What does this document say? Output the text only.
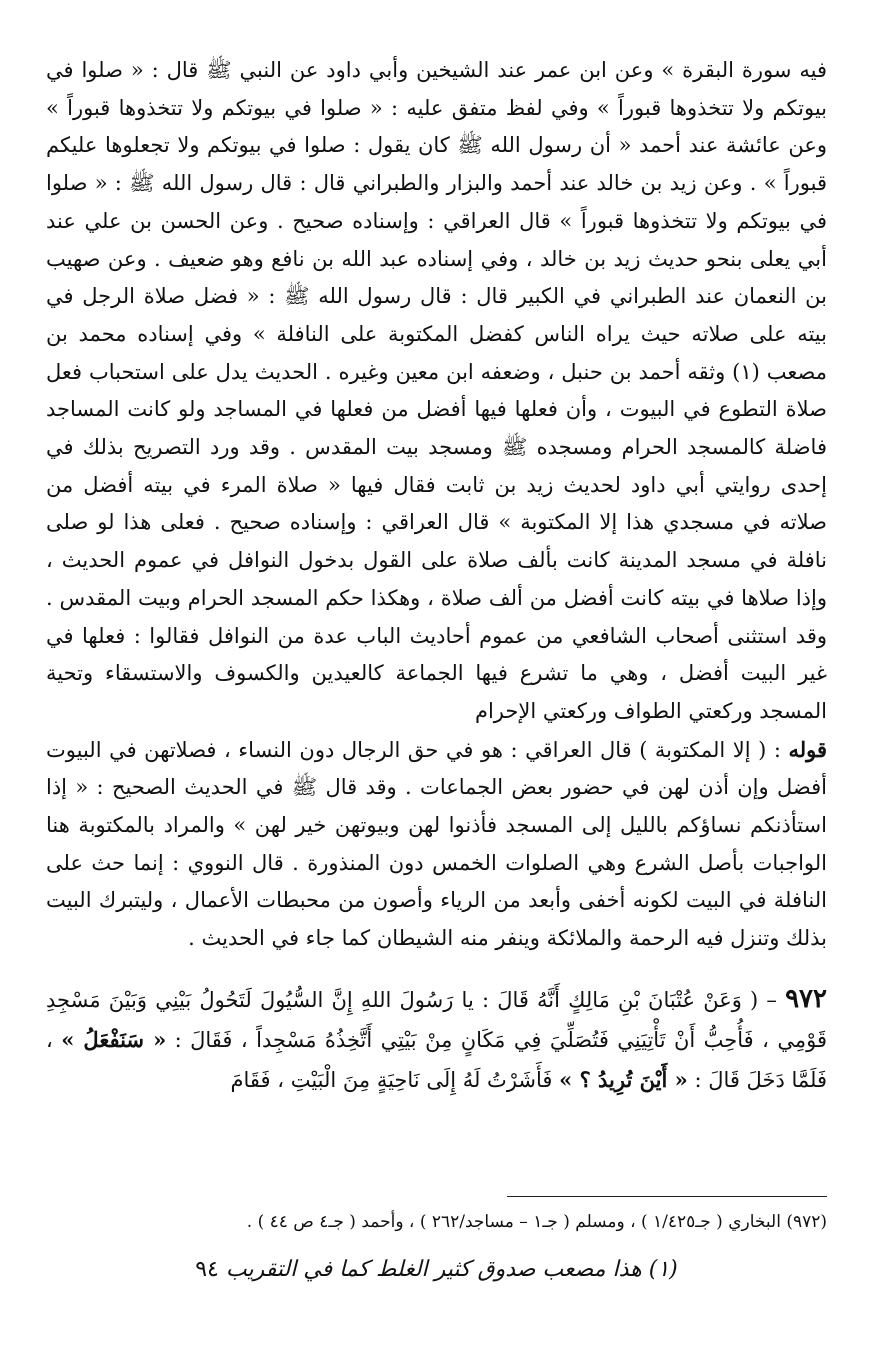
فيه سورة البقرة » وعن ابن عمر عند الشيخين وأبي داود عن النبي ﷺ قال : « صلوا في بيوتكم ولا تتخذوها قبوراً » وفي لفظ متفق عليه : « صلوا في بيوتكم ولا تتخذوها قبوراً » وعن عائشة عند أحمد « أن رسول الله ﷺ كان يقول : صلوا في بيوتكم ولا تجعلوها عليكم قبوراً » . وعن زيد بن خالد عند أحمد والبزار والطبراني قال : قال رسول الله ﷺ : « صلوا في بيوتكم ولا تتخذوها قبوراً » قال العراقي : وإسناده صحيح . وعن الحسن بن علي عند أبي يعلى بنحو حديث زيد بن خالد ، وفي إسناده عبد الله بن نافع وهو ضعيف . وعن صهيب بن النعمان عند الطبراني في الكبير قال : قال رسول الله ﷺ : « فضل صلاة الرجل في بيته على صلاته حيث يراه الناس كفضل المكتوبة على النافلة » وفي إسناده محمد بن مصعب (١) وثقه أحمد بن حنبل ، وضعفه ابن معين وغيره . الحديث يدل على استحباب فعل صلاة التطوع في البيوت ، وأن فعلها فيها أفضل من فعلها في المساجد ولو كانت المساجد فاضلة كالمسجد الحرام ومسجده ﷺ ومسجد بيت المقدس . وقد ورد التصريح بذلك في إحدى روايتي أبي داود لحديث زيد بن ثابت فقال فيها « صلاة المرء في بيته أفضل من صلاته في مسجدي هذا إلا المكتوبة » قال العراقي : وإسناده صحيح . فعلى هذا لو صلى نافلة في مسجد المدينة كانت بألف صلاة على القول بدخول النوافل في عموم الحديث ، وإذا صلاها في بيته كانت أفضل من ألف صلاة ، وهكذا حكم المسجد الحرام وبيت المقدس . وقد استثنى أصحاب الشافعي من عموم أحاديث الباب عدة من النوافل فقالوا : فعلها في غير البيت أفضل ، وهي ما تشرع فيها الجماعة كالعيدين والكسوف والاستسقاء وتحية المسجد وركعتي الطواف وركعتي الإحرام

قوله : ( إلا المكتوبة ) قال العراقي : هو في حق الرجال دون النساء ، فصلاتهن في البيوت أفضل وإن أذن لهن في حضور بعض الجماعات . وقد قال ﷺ في الحديث الصحيح : « إذا استأذنكم نساؤكم بالليل إلى المسجد فأذنوا لهن وبيوتهن خير لهن » والمراد بالمكتوبة هنا الواجبات بأصل الشرع وهي الصلوات الخمس دون المنذورة . قال النووي : إنما حث على النافلة في البيت لكونه أخفى وأبعد من الرياء وأصون من محبطات الأعمال ، وليتبرك البيت بذلك وتنزل فيه الرحمة والملائكة وينفر منه الشيطان كما جاء في الحديث .

٩٧٢ – ( وَعَنْ عُتْبَانَ بْنِ مَالِكٍ أَنَّهُ قَالَ : يا رَسُولَ اللهِ إِنَّ السُّيُولَ لَتَحُولُ بَيْنِي وَبَيْنَ مَسْجِدِ قَوْمِي ، فَأُحِبُّ أَنْ تَأْتِيَنِي فَتُصَلِّيَ فِي مَكَانٍ مِنْ بَيْتِي أَتَّخِذُهُ مَسْجِداً ، فَقَالَ : « سَنَفْعَلُ » ، فَلَمَّا دَخَلَ قَالَ : « أَيْنَ تُرِيدُ ؟ » فَأَشَرْتُ لَهُ إِلَى نَاحِيَةٍ مِنَ الْبَيْتِ ، فَقَامَ
(٩٧٢) البخاري ( جـ١/٤٢٥ ) ، ومسلم ( جـ١ – مساجد/٢٦٢ ) ، وأحمد ( جـ٤ ص ٤٤ ) .
(١) هذا مصعب صدوق كثير الغلط كما في التقريب ٩٤
